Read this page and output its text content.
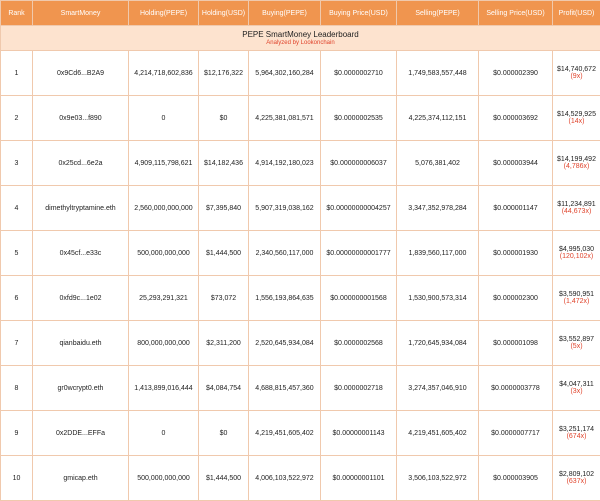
Rank	SmartMoney	Holding(PEPE)	Holding(USD)	Buying(PEPE)	Buying Price(USD)	Selling(PEPE)	Selling Price(USD)	Profit(USD)

PEPE SmartMoney Leaderboard
Analyzed by Lookonchain								

1	0x9Cd6...B2A9	4,214,718,602,836	$12,176,322	5,964,302,160,284	$0.0000002710	1,749,583,557,448	$0.000002390	$14,740,672
(9x)

2	0x9e03...f890	0	$0	4,225,381,081,571	$0.0000002535	4,225,374,112,151	$0.000003692	$14,529,925
(14x)

3	0x25cd...6e2a	4,909,115,798,621	$14,182,436	4,914,192,180,023	$0.000000006037	5,076,381,402	$0.000003944	$14,199,492
(4,786x)

4	dimethyltryptamine.eth	2,560,000,000,000	$7,395,840	5,907,319,038,162	$0.00000000004257	3,347,352,978,284	$0.000001147	$11,234,891
(44,673x)

5	0x45cf...e33c	500,000,000,000	$1,444,500	2,340,560,117,000	$0.00000000001777	1,839,560,117,000	$0.000001930	$4,995,030
(120,102x)

6	0xfd9c...1e02	25,293,291,321	$73,072	1,556,193,864,635	$0.000000001568	1,530,900,573,314	$0.000002300	$3,590,951
(1,472x)

7	qianbaidu.eth	800,000,000,000	$2,311,200	2,520,645,934,084	$0.0000002568	1,720,645,934,084	$0.000001098	$3,552,897
(5x)

8	gr0wcrypt0.eth	1,413,899,016,444	$4,084,754	4,688,815,457,360	$0.0000002718	3,274,357,046,910	$0.0000003778	$4,047,311
(3x)

9	0x2DDE...EFFa	0	$0	4,219,451,605,402	$0.00000001143	4,219,451,605,402	$0.0000007717	$3,251,174
(674x)

10	gmicap.eth	500,000,000,000	$1,444,500	4,006,103,522,972	$0.00000001101	3,506,103,522,972	$0.000003905	$2,809,102
(637x)
